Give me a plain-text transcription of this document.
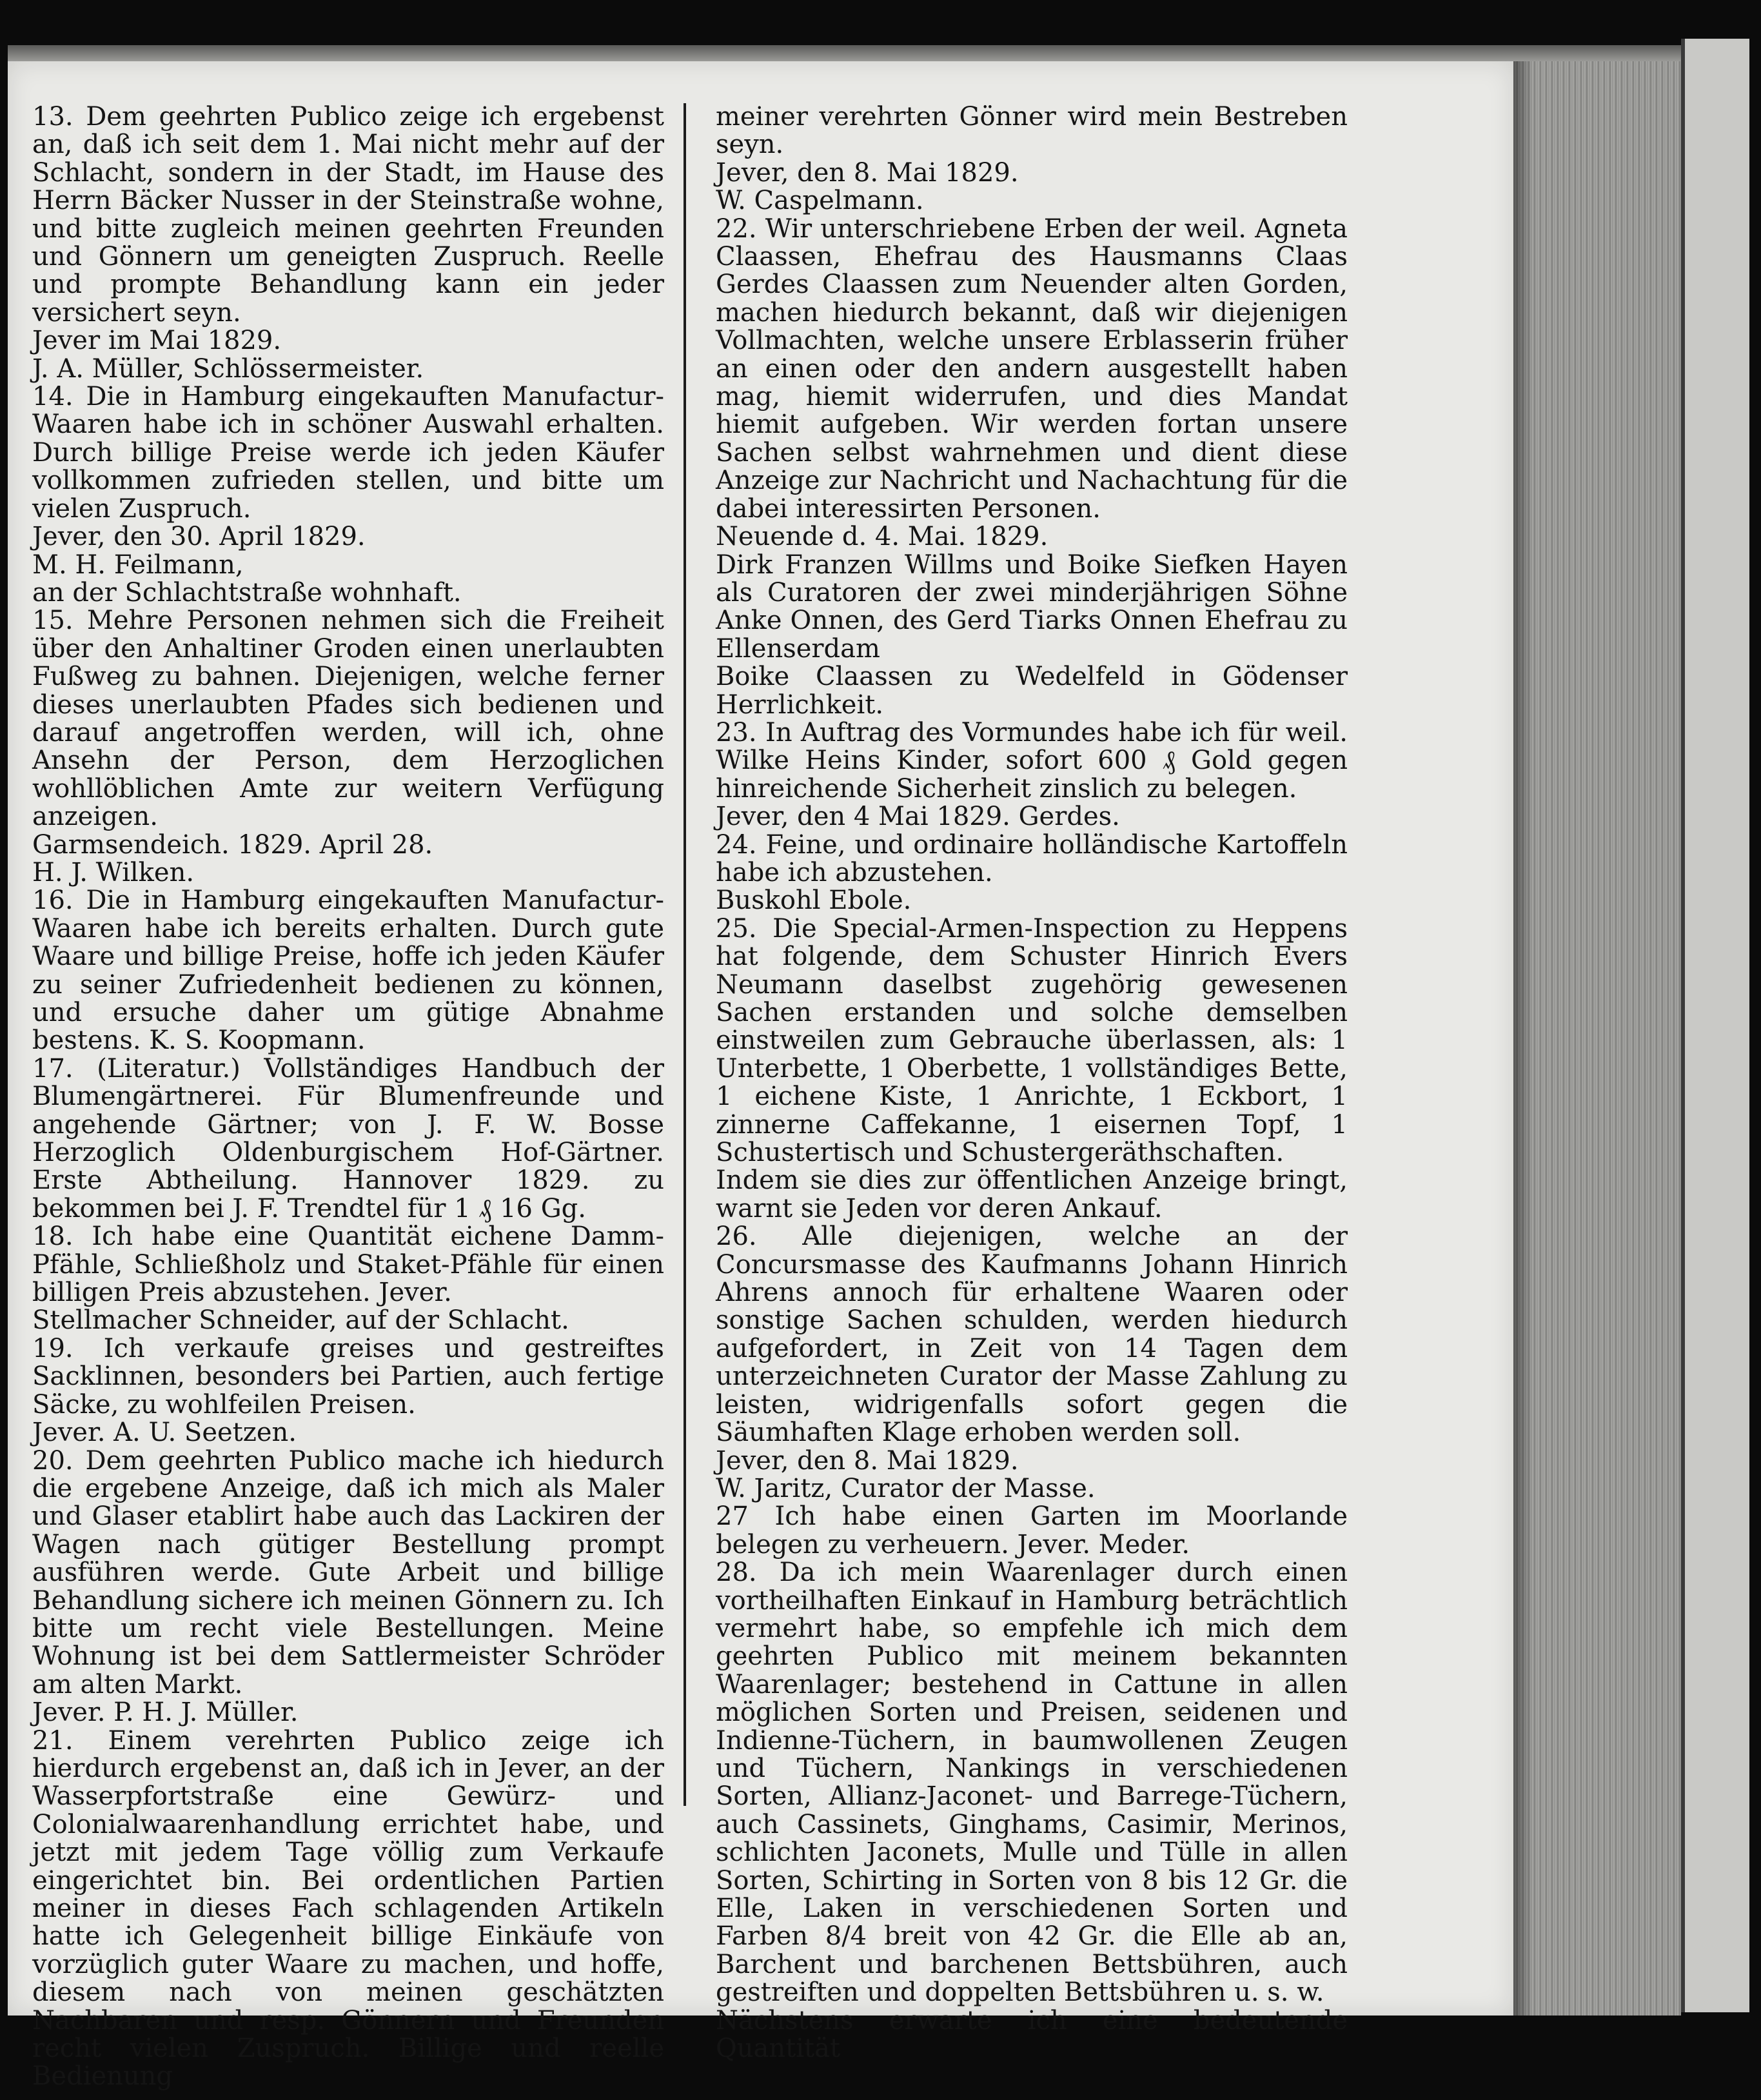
13. Dem geehrten Publico zeige ich ergebenst an, daß ich seit dem 1. Mai nicht mehr auf der Schlacht, sondern in der Stadt, im Hause des Herrn Bäcker Nusser in der Steinstraße wohne, und bitte zugleich meinen geehrten Freunden und Gönnern um geneigten Zuspruch. Reelle und prompte Behandlung kann ein jeder versichert seyn.
Jever im Mai 1829.
J. A. Müller, Schlössermeister.
14. Die in Hamburg eingekauften Manufactur-Waaren habe ich in schöner Auswahl erhalten. Durch billige Preise werde ich jeden Käufer vollkommen zufrieden stellen, und bitte um vielen Zuspruch.
Jever, den 30. April 1829.
M. H. Feilmann,
an der Schlachtstraße wohnhaft.
15. Mehre Personen nehmen sich die Freiheit über den Anhaltiner Groden einen unerlaubten Fußweg zu bahnen. Diejenigen, welche ferner dieses unerlaubten Pfades sich bedienen und darauf angetroffen werden, will ich, ohne Ansehn der Person, dem Herzoglichen wohllöblichen Amte zur weitern Verfügung anzeigen.
Garmsendeich. 1829. April 28.
H. J. Wilken.
16. Die in Hamburg eingekauften Manufactur-Waaren habe ich bereits erhalten. Durch gute Waare und billige Preise, hoffe ich jeden Käufer zu seiner Zufriedenheit bedienen zu können, und ersuche daher um gütige Abnahme bestens. K. S. Koopmann.
17. (Literatur.) Vollständiges Handbuch der Blumengärtnerei. Für Blumenfreunde und angehende Gärtner; von J. F. W. Bosse Herzoglich Oldenburgischem Hof-Gärtner. Erste Abtheilung. Hannover 1829. zu bekommen bei J. F. Trendtel für 1 ₰ 16 Gg.
18. Ich habe eine Quantität eichene Damm-Pfähle, Schließholz und Staket-Pfähle für einen billigen Preis abzustehen. Jever.
Stellmacher Schneider, auf der Schlacht.
19. Ich verkaufe greises und gestreiftes Sacklinnen, besonders bei Partien, auch fertige Säcke, zu wohlfeilen Preisen.
Jever. A. U. Seetzen.
20. Dem geehrten Publico mache ich hiedurch die ergebene Anzeige, daß ich mich als Maler und Glaser etablirt habe auch das Lackiren der Wagen nach gütiger Bestellung prompt ausführen werde. Gute Arbeit und billige Behandlung sichere ich meinen Gönnern zu. Ich bitte um recht viele Bestellungen. Meine Wohnung ist bei dem Sattlermeister Schröder am alten Markt.
Jever. P. H. J. Müller.
21. Einem verehrten Publico zeige ich hierdurch ergebenst an, daß ich in Jever, an der Wasserpfortstraße eine Gewürz- und Colonialwaarenhandlung errichtet habe, und jetzt mit jedem Tage völlig zum Verkaufe eingerichtet bin. Bei ordentlichen Partien meiner in dieses Fach schlagenden Artikeln hatte ich Gelegenheit billige Einkäufe von vorzüglich guter Waare zu machen, und hoffe, diesem nach von meinen geschätzten Nachbaren und resp. Gönnern und Freunden recht vielen Zuspruch. Billige und reelle Bedienung

meiner verehrten Gönner wird mein Bestreben seyn.
Jever, den 8. Mai 1829.
W. Caspelmann.
22. Wir unterschriebene Erben der weil. Agneta Claassen, Ehefrau des Hausmanns Claas Gerdes Claassen zum Neuender alten Gorden, machen hiedurch bekannt, daß wir diejenigen Vollmachten, welche unsere Erblasserin früher an einen oder den andern ausgestellt haben mag, hiemit widerrufen, und dies Mandat hiemit aufgeben. Wir werden fortan unsere Sachen selbst wahrnehmen und dient diese Anzeige zur Nachricht und Nachachtung für die dabei interessirten Personen.
Neuende d. 4. Mai. 1829.
Dirk Franzen Willms und Boike Siefken Hayen als Curatoren der zwei minderjährigen Söhne Anke Onnen, des Gerd Tiarks Onnen Ehefrau zu Ellenserdam
Boike Claassen zu Wedelfeld in Gödenser Herrlichkeit.
23. In Auftrag des Vormundes habe ich für weil. Wilke Heins Kinder, sofort 600 ₰ Gold gegen hinreichende Sicherheit zinslich zu belegen.
Jever, den 4 Mai 1829. Gerdes.
24. Feine, und ordinaire holländische Kartoffeln habe ich abzustehen.
Buskohl Ebole.
25. Die Special-Armen-Inspection zu Heppens hat folgende, dem Schuster Hinrich Evers Neumann daselbst zugehörig gewesenen Sachen erstanden und solche demselben einstweilen zum Gebrauche überlassen, als: 1 Unterbette, 1 Oberbette, 1 vollständiges Bette, 1 eichene Kiste, 1 Anrichte, 1 Eckbort, 1 zinnerne Caffekanne, 1 eisernen Topf, 1 Schustertisch und Schustergeräthschaften.
Indem sie dies zur öffentlichen Anzeige bringt, warnt sie Jeden vor deren Ankauf.
26. Alle diejenigen, welche an der Concursmasse des Kaufmanns Johann Hinrich Ahrens annoch für erhaltene Waaren oder sonstige Sachen schulden, werden hiedurch aufgefordert, in Zeit von 14 Tagen dem unterzeichneten Curator der Masse Zahlung zu leisten, widrigenfalls sofort gegen die Säumhaften Klage erhoben werden soll.
Jever, den 8. Mai 1829.
W. Jaritz, Curator der Masse.
27 Ich habe einen Garten im Moorlande belegen zu verheuern. Jever. Meder.
28. Da ich mein Waarenlager durch einen vortheilhaften Einkauf in Hamburg beträchtlich vermehrt habe, so empfehle ich mich dem geehrten Publico mit meinem bekannten Waarenlager; bestehend in Cattune in allen möglichen Sorten und Preisen, seidenen und Indienne-Tüchern, in baumwollenen Zeugen und Tüchern, Nankings in verschiedenen Sorten, Allianz-Jaconet- und Barrege-Tüchern, auch Cassinets, Ginghams, Casimir, Merinos, schlichten Jaconets, Mulle und Tülle in allen Sorten, Schirting in Sorten von 8 bis 12 Gr. die Elle, Laken in verschiedenen Sorten und Farben 8/4 breit von 42 Gr. die Elle ab an, Barchent und barchenen Bettsbühren, auch gestreiften und doppelten Bettsbühren u. s. w.
Nächstens erwarte ich eine bedeutende Quantität
